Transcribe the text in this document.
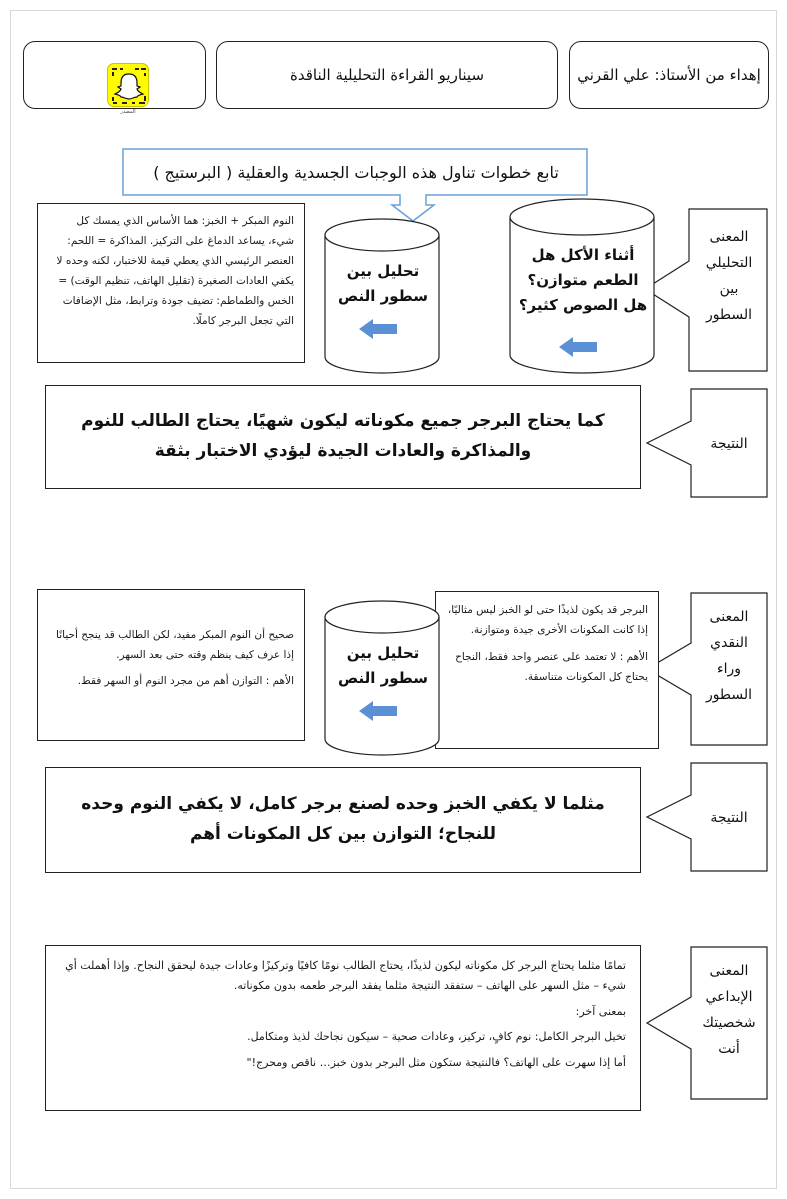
إهداء من الأستاذ: علي القرني
سيناريو القراءة التحليلية الناقدة
المصدر
تابع خطوات تناول هذه الوجبات الجسدية والعقلية ( البرستيج )
المعنى
التحليلي
بين
السطور
أثناء الأكل هل
الطعم متوازن؟
هل الصوص كثير؟
تحليل بين
سطور النص
النوم المبكر + الخبز: هما الأساس الذي يمسك كل شيء، يساعد الدماغ على التركيز. المذاكرة = اللحم: العنصر الرئيسي الذي يعطي قيمة للاختبار، لكنه وحده لا يكفي العادات الصغيرة (تقليل الهاتف، تنظيم الوقت) = الخس والطماطم: تضيف جودة وترابط، مثل الإضافات التي تجعل البرجر كاملًا.
النتيجة
كما يحتاج البرجر جميع مكوناته ليكون شهيًا، يحتاج الطالب للنوم والمذاكرة والعادات الجيدة ليؤدي الاختبار بثقة
المعنى
النقدي
وراء
السطور

البرجر قد يكون لذيذًا حتى لو الخبز ليس مثاليًا، إذا كانت المكونات الأخرى جيدة ومتوازنة.

الأهم : لا تعتمد على عنصر واحد فقط، النجاح يحتاج كل المكونات متناسقة.

تحليل بين
سطور النص

صحيح أن النوم المبكر مفيد، لكن الطالب قد ينجح أحيانًا إذا عرف كيف ينظم وقته حتى بعد السهر.

الأهم : التوازن أهم من مجرد النوم أو السهر فقط.

النتيجة
مثلما لا يكفي الخبز وحده لصنع برجر كامل، لا يكفي النوم وحده للنجاح؛ التوازن بين كل المكونات أهم
المعنى
الإبداعي
شخصيتك
أنت

تمامًا مثلما يحتاج البرجر كل مكوناته ليكون لذيذًا، يحتاج الطالب نومًا كافيًا وتركيزًا وعادات جيدة ليحقق النجاح. وإذا أهملت أي شيء – مثل السهر على الهاتف – ستفقد النتيجة مثلما يفقد البرجر طعمه بدون مكوناته.

بمعنى آخر:

تخيل البرجر الكامل: نوم كافٍ، تركيز، وعادات صحية – سيكون نجاحك لذيذ ومتكامل.

أما إذا سهرت على الهاتف؟ فالنتيجة ستكون مثل البرجر بدون خبز… ناقص ومحرج!"
